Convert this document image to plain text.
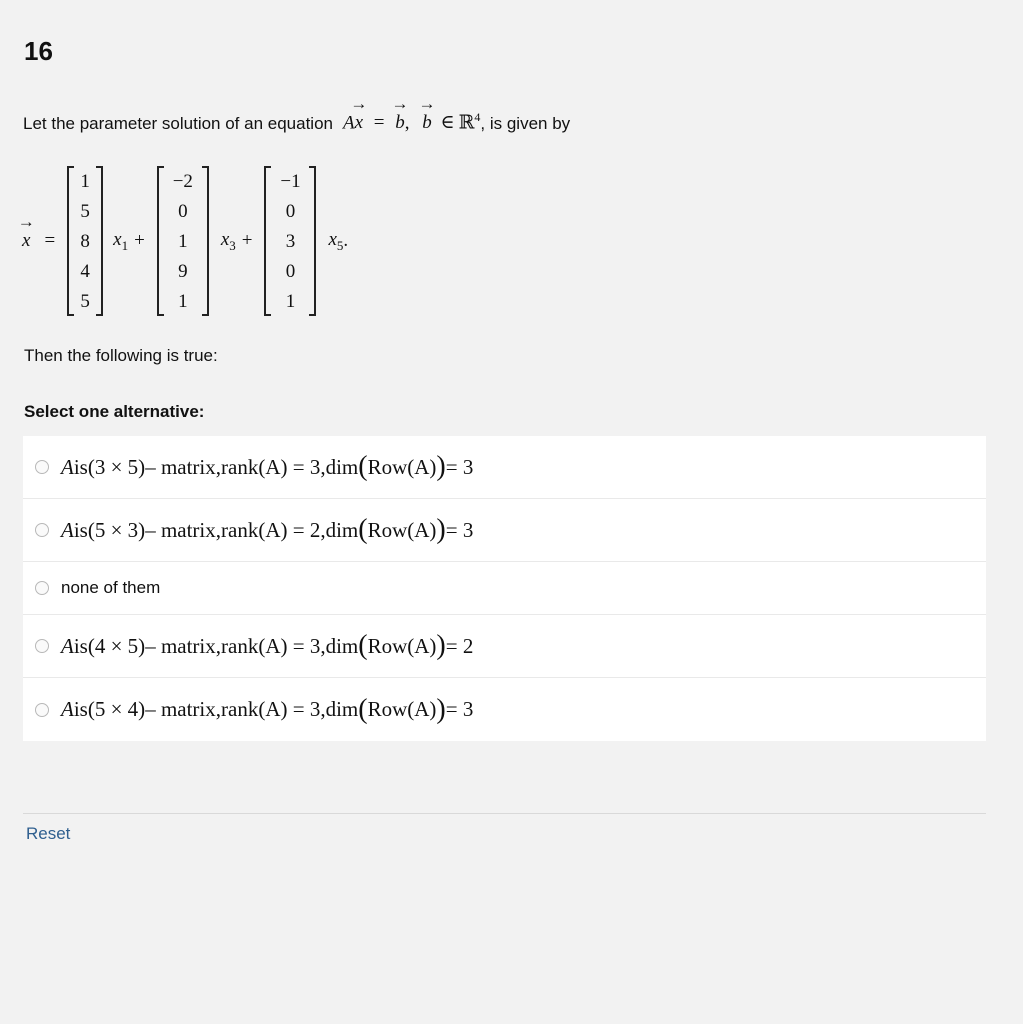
16
Let the parameter solution of an equation A
→
x =
→
b,
→
b ∈ ℝ$^4$ , is given by
→
x =
1
5
8
4
5
$x_1$ +
−2
0
1
9
1
$x_3$ +
−1
0
3
0
1
$x_5$ .
Then the following is true:
Select one alternative:
A is (3 × 5) – matrix, rank(A) = 3, dim ( Row(A) ) = 3
A is (5 × 3) – matrix, rank(A) = 2, dim ( Row(A) ) = 3
none of them
A is (4 × 5) – matrix, rank(A) = 3, dim ( Row(A) ) = 2
A is (5 × 4) – matrix, rank(A) = 3, dim ( Row(A) ) = 3
Reset
